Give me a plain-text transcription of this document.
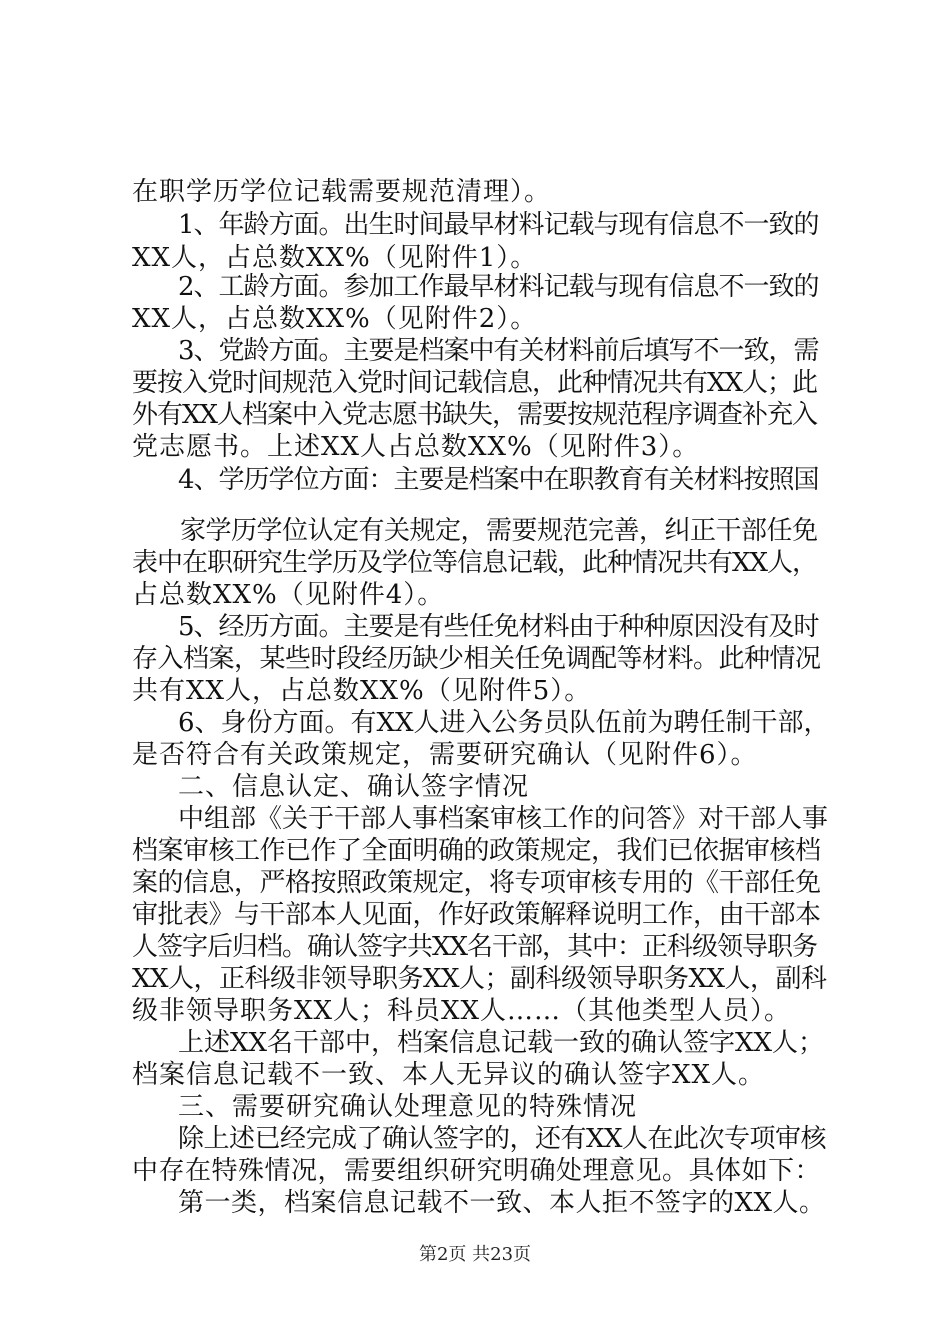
在职学历学位记载需要规范清理）。
1、年龄方面。出生时间最早材料记载与现有信息不一致的
XX人，占总数XX%（见附件1）。
2、工龄方面。参加工作最早材料记载与现有信息不一致的
XX人，占总数XX%（见附件2）。
3、党龄方面。主要是档案中有关材料前后填写不一致，需
要按入党时间规范入党时间记载信息，此种情况共有XX人；此
外有XX人档案中入党志愿书缺失，需要按规范程序调查补充入
党志愿书。上述XX人占总数XX%（见附件3）。
4、学历学位方面：主要是档案中在职教育有关材料按照国
家学历学位认定有关规定，需要规范完善，纠正干部任免
表中在职研究生学历及学位等信息记载，此种情况共有XX人，
占总数XX%（见附件4）。
5、经历方面。主要是有些任免材料由于种种原因没有及时
存入档案，某些时段经历缺少相关任免调配等材料。此种情况
共有XX人，占总数XX%（见附件5）。
6、身份方面。有XX人进入公务员队伍前为聘任制干部，
是否符合有关政策规定，需要研究确认（见附件6）。
二、信息认定、确认签字情况
中组部《关于干部人事档案审核工作的问答》对干部人事
档案审核工作已作了全面明确的政策规定，我们已依据审核档
案的信息，严格按照政策规定，将专项审核专用的《干部任免
审批表》与干部本人见面，作好政策解释说明工作，由干部本
人签字后归档。确认签字共XX名干部，其中：正科级领导职务
XX人，正科级非领导职务XX人；副科级领导职务XX人，副科
级非领导职务XX人；科员XX人……（其他类型人员）。
上述XX名干部中，档案信息记载一致的确认签字XX人；
档案信息记载不一致、本人无异议的确认签字XX人。
三、需要研究确认处理意见的特殊情况
除上述已经完成了确认签字的，还有XX人在此次专项审核
中存在特殊情况，需要组织研究明确处理意见。具体如下：
第一类，档案信息记载不一致、本人拒不签字的XX人。
第2页 共23页
